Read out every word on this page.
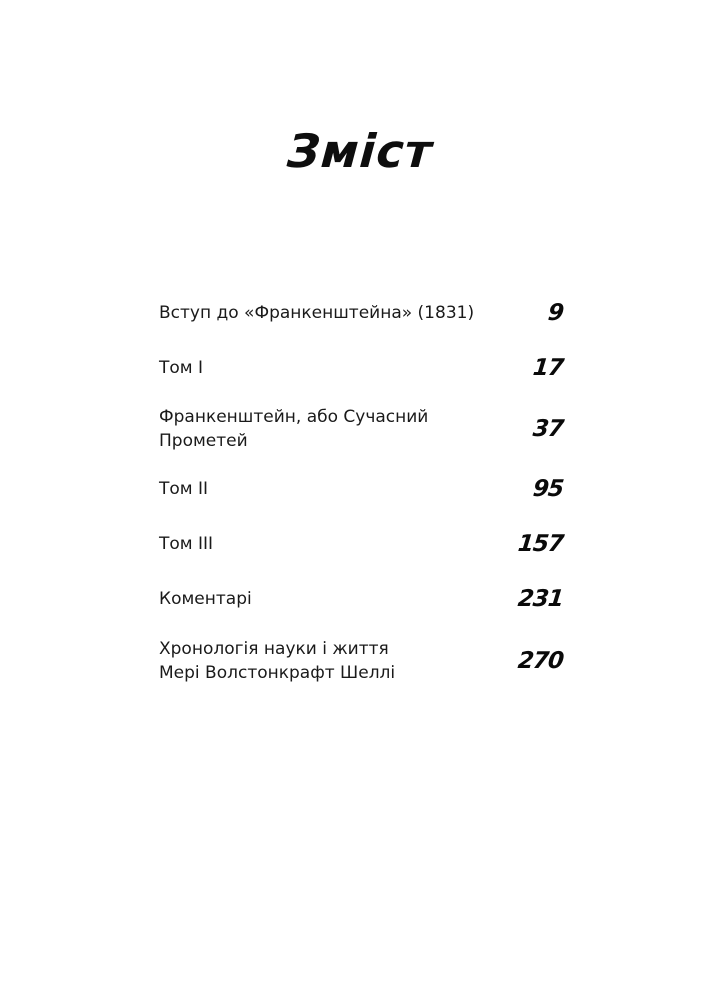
Зміст
Вступ до «Франкенштейна» (1831)	9
Том I	17
Франкенштейн, або Сучасний
Прометей	37
Том II	95
Том III	157
Коментарі	231
Хронологія науки і життя
Мері Волстонкрафт Шеллі	270
